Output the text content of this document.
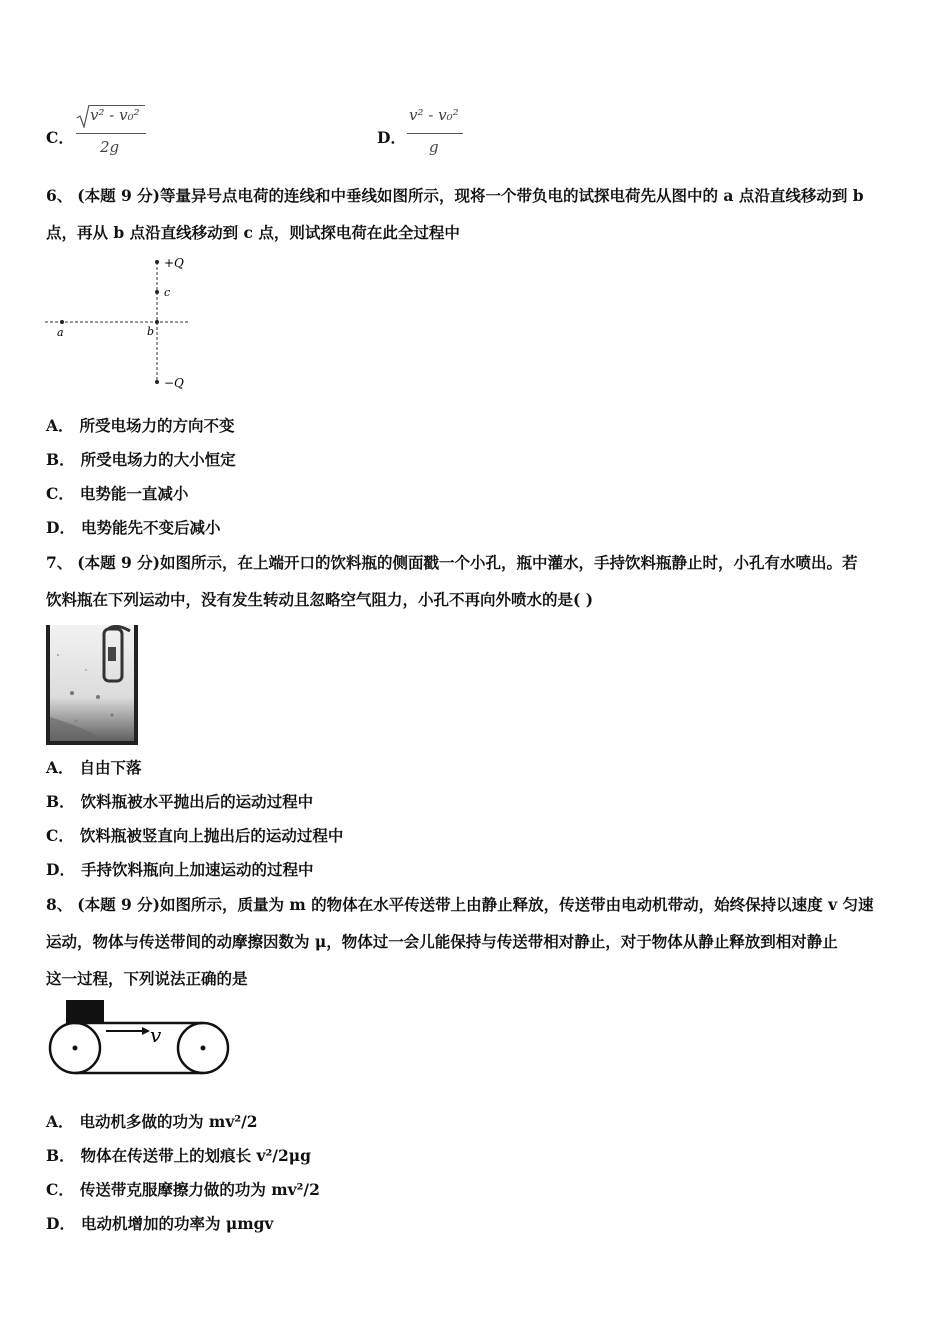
C．
v² - v₀²
2g	D．
v² - v₀²
g
6、 (本题 9 分)等量异号点电荷的连线和中垂线如图所示，现将一个带负电的试探电荷先从图中的 a 点沿直线移动到 b
点，再从 b 点沿直线移动到 c 点，则试探电荷在此全过程中
+Q
c
b
a
−Q
A． 所受电场力的方向不变
B． 所受电场力的大小恒定
C． 电势能一直减小
D． 电势能先不变后减小
7、 (本题 9 分)如图所示，在上端开口的饮料瓶的侧面戳一个小孔，瓶中灌水，手持饮料瓶静止时，小孔有水喷出。若
饮料瓶在下列运动中，没有发生转动且忽略空气阻力，小孔不再向外喷水的是( )
A． 自由下落
B． 饮料瓶被水平抛出后的运动过程中
C． 饮料瓶被竖直向上抛出后的运动过程中
D． 手持饮料瓶向上加速运动的过程中
8、 (本题 9 分)如图所示，质量为 m 的物体在水平传送带上由静止释放，传送带由电动机带动，始终保持以速度 v 匀速
运动，物体与传送带间的动摩擦因数为 μ，物体过一会儿能保持与传送带相对静止，对于物体从静止释放到相对静止
这一过程，下列说法正确的是
v
A． 电动机多做的功为 mv²/2
B． 物体在传送带上的划痕长 v²/2μg
C． 传送带克服摩擦力做的功为 mv²/2
D． 电动机增加的功率为 μmgv
